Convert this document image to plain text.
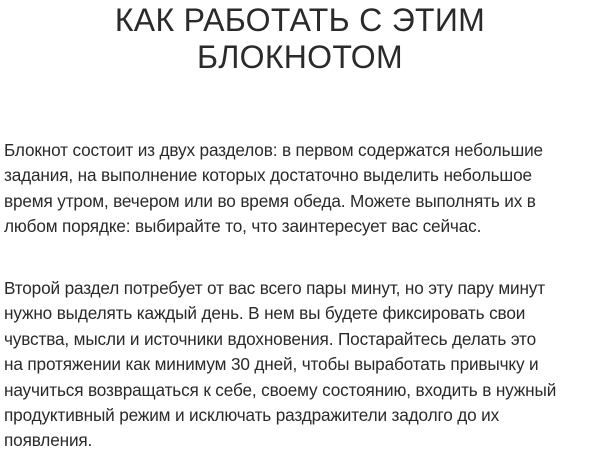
КАК РАБОТАТЬ С ЭТИМ
БЛОКНОТОМ

Блокнот состоит из двух разделов: в первом содержатся небольшие
задания, на выполнение которых достаточно выделить небольшое
время утром, вечером или во время обеда. Можете выполнять их в
любом порядке: выбирайте то, что заинтересует вас сейчас.

Второй раздел потребует от вас всего пары минут, но эту пару минут
нужно выделять каждый день. В нем вы будете фиксировать свои
чувства, мысли и источники вдохновения. Постарайтесь делать это
на протяжении как минимум 30 дней, чтобы выработать привычку и
научиться возвращаться к себе, своему состоянию, входить в нужный
продуктивный режим и исключать раздражители задолго до их
появления.
